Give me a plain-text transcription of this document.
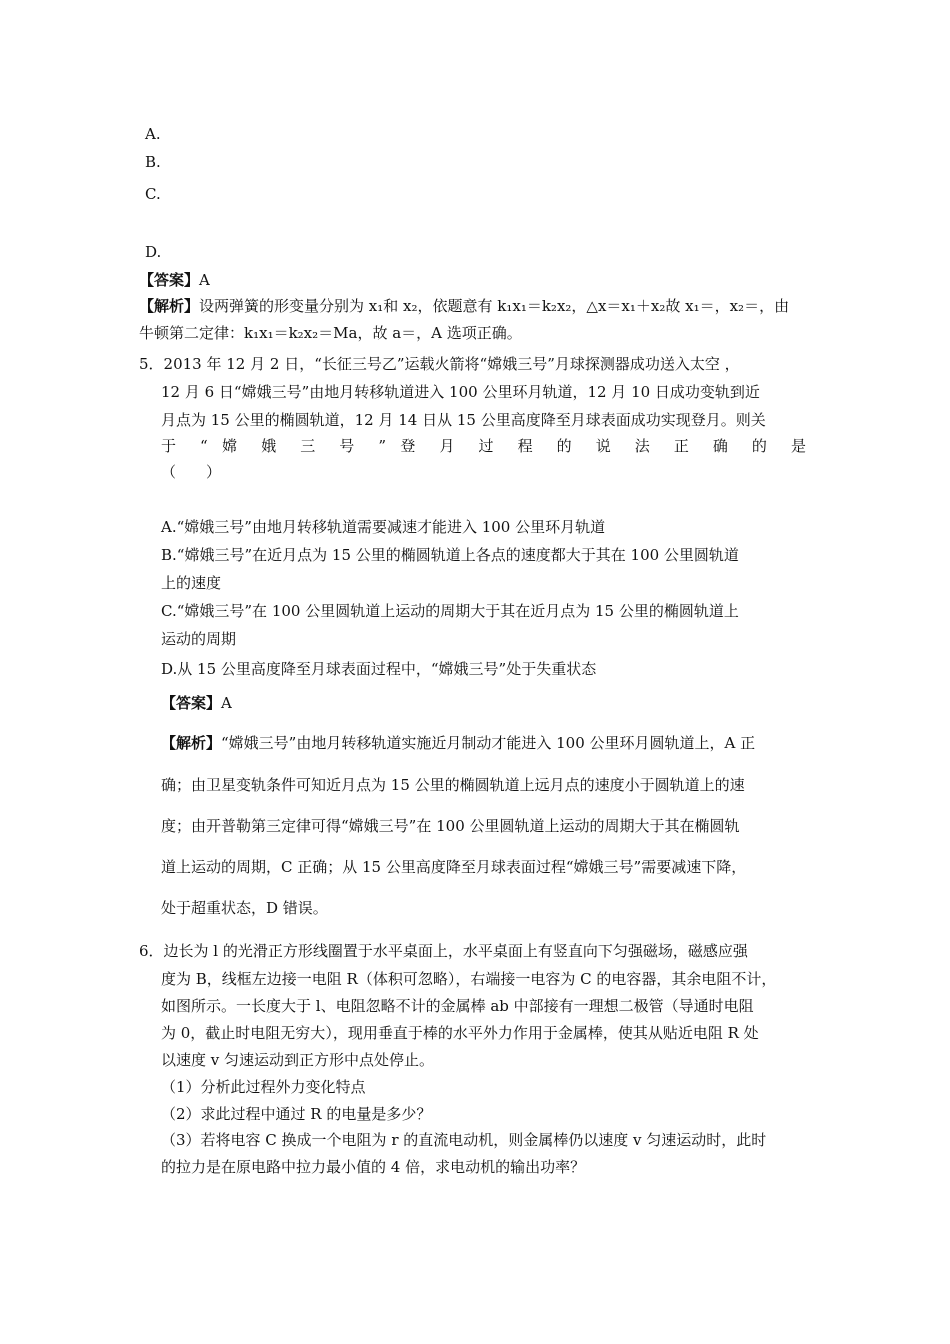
A.
B.
C.
D.
【答案】A
【解析】设两弹簧的形变量分别为 x₁和 x₂，依题意有 k₁x₁＝k₂x₂，△x＝x₁＋x₂故 x₁＝，x₂＝，由
牛顿第二定律：k₁x₁＝k₂x₂＝Ma，故 a＝，A 选项正确。
5．2013 年 12 月 2 日，“长征三号乙”运载火箭将“嫦娥三号”月球探测器成功送入太空 ，
12 月 6 日“嫦娥三号”由地月转移轨道进入 100 公里环月轨道，12 月 10 日成功变轨到近
月点为 15 公里的椭圆轨道，12 月 14 日从 15 公里高度降至月球表面成功实现登月。则关
于 “ 嫦 娥 三 号 ” 登 月 过 程 的 说 法 正 确 的 是
（　　）
A.“嫦娥三号”由地月转移轨道需要减速才能进入 100 公里环月轨道
B.“嫦娥三号”在近月点为 15 公里的椭圆轨道上各点的速度都大于其在 100 公里圆轨道
上的速度
C.“嫦娥三号”在 100 公里圆轨道上运动的周期大于其在近月点为 15 公里的椭圆轨道上
运动的周期
D.从 15 公里高度降至月球表面过程中，“嫦娥三号”处于失重状态
【答案】A
【解析】“嫦娥三号”由地月转移轨道实施近月制动才能进入 100 公里环月圆轨道上，A 正
确；由卫星变轨条件可知近月点为 15 公里的椭圆轨道上远月点的速度小于圆轨道上的速
度；由开普勒第三定律可得“嫦娥三号”在 100 公里圆轨道上运动的周期大于其在椭圆轨
道上运动的周期，C 正确；从 15 公里高度降至月球表面过程“嫦娥三号”需要减速下降，
处于超重状态，D 错误。
6．边长为 l 的光滑正方形线圈置于水平桌面上，水平桌面上有竖直向下匀强磁场，磁感应强
度为 B，线框左边接一电阻 R（体积可忽略），右端接一电容为 C 的电容器，其余电阻不计，
如图所示。一长度大于 l、电阻忽略不计的金属棒 ab 中部接有一理想二极管（导通时电阻
为 0，截止时电阻无穷大），现用垂直于棒的水平外力作用于金属棒，使其从贴近电阻 R 处
以速度 v 匀速运动到正方形中点处停止。
（1）分析此过程外力变化特点
（2）求此过程中通过 R 的电量是多少？
（3）若将电容 C 换成一个电阻为 r 的直流电动机，则金属棒仍以速度 v 匀速运动时，此时
的拉力是在原电路中拉力最小值的 4 倍，求电动机的输出功率？
